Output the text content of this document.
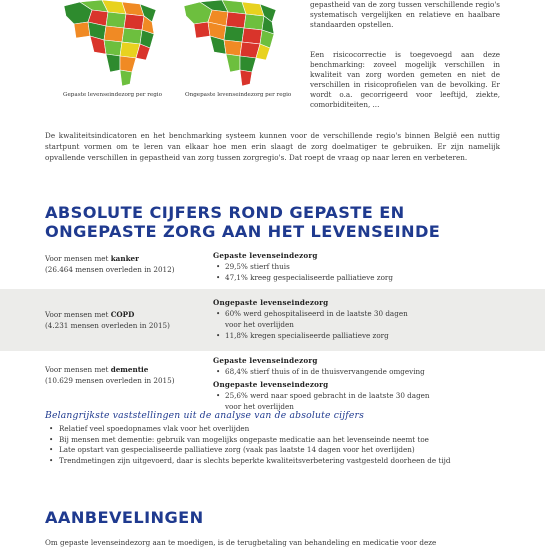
Gepaste levenseindezorg per regio	Ongepaste levenseindezorg per regio
gepastheid van de zorg tussen verschillende regio's systematisch vergelijken en relatieve en haalbare standaarden opstellen.
Een risicocorrectie is toegevoegd aan deze benchmarking: zoveel mogelijk verschillen in kwaliteit van zorg worden gemeten en niet de verschillen in risicoprofielen van de bevolking. Er wordt o.a. gecorrigeerd voor leeftijd, ziekte, comorbiditeiten, ...
De kwaliteitsindicatoren en het benchmarking systeem kunnen voor de verschillende regio's binnen België een nuttig startpunt vormen om te leren van elkaar hoe men erin slaagt de zorg doelmatiger te gebruiken. Er zijn namelijk opvallende verschillen in gepastheid van zorg tussen zorgregio's. Dat roept de vraag op naar leren en verbeteren.
ABSOLUTE CIJFERS ROND GEPASTE EN ONGEPASTE ZORG AAN HET LEVENSEINDE
Voor mensen met kanker
(26.464 mensen overleden in 2012)
Gepaste levenseindezorg
• 29,5% stierf thuis
• 47,1% kreeg gespecialiseerde palliatieve zorg
Voor mensen met COPD
(4.231 mensen overleden in 2015)
Ongepaste levenseindezorg
• 60% werd gehospitaliseerd in de laatste 30 dagen
voor het overlijden
• 11,8% kregen specialiseerde palliatieve zorg
Voor mensen met dementie
(10.629 mensen overleden in 2015)
Gepaste levenseindezorg
• 68,4% stierf thuis of in de thuisvervangende omgeving
Ongepaste levenseindezorg
• 25,6% werd naar spoed gebracht in de laatste 30 dagen
voor het overlijden
Belangrijkste vaststellingen uit de analyse van de absolute cijfers
• Relatief veel spoedopnames vlak voor het overlijden
• Bij mensen met dementie: gebruik van mogelijks ongepaste medicatie aan het levenseinde neemt toe
• Late opstart van gespecialiseerde palliatieve zorg (vaak pas laatste 14 dagen voor het overlijden)
• Trendmetingen zijn uitgevoerd, daar is slechts beperkte kwaliteitsverbetering vastgesteld doorheen de tijd
AANBEVELINGEN
Om gepaste levenseindezorg aan te moedigen, is de terugbetaling van behandeling en medicatie voor deze
